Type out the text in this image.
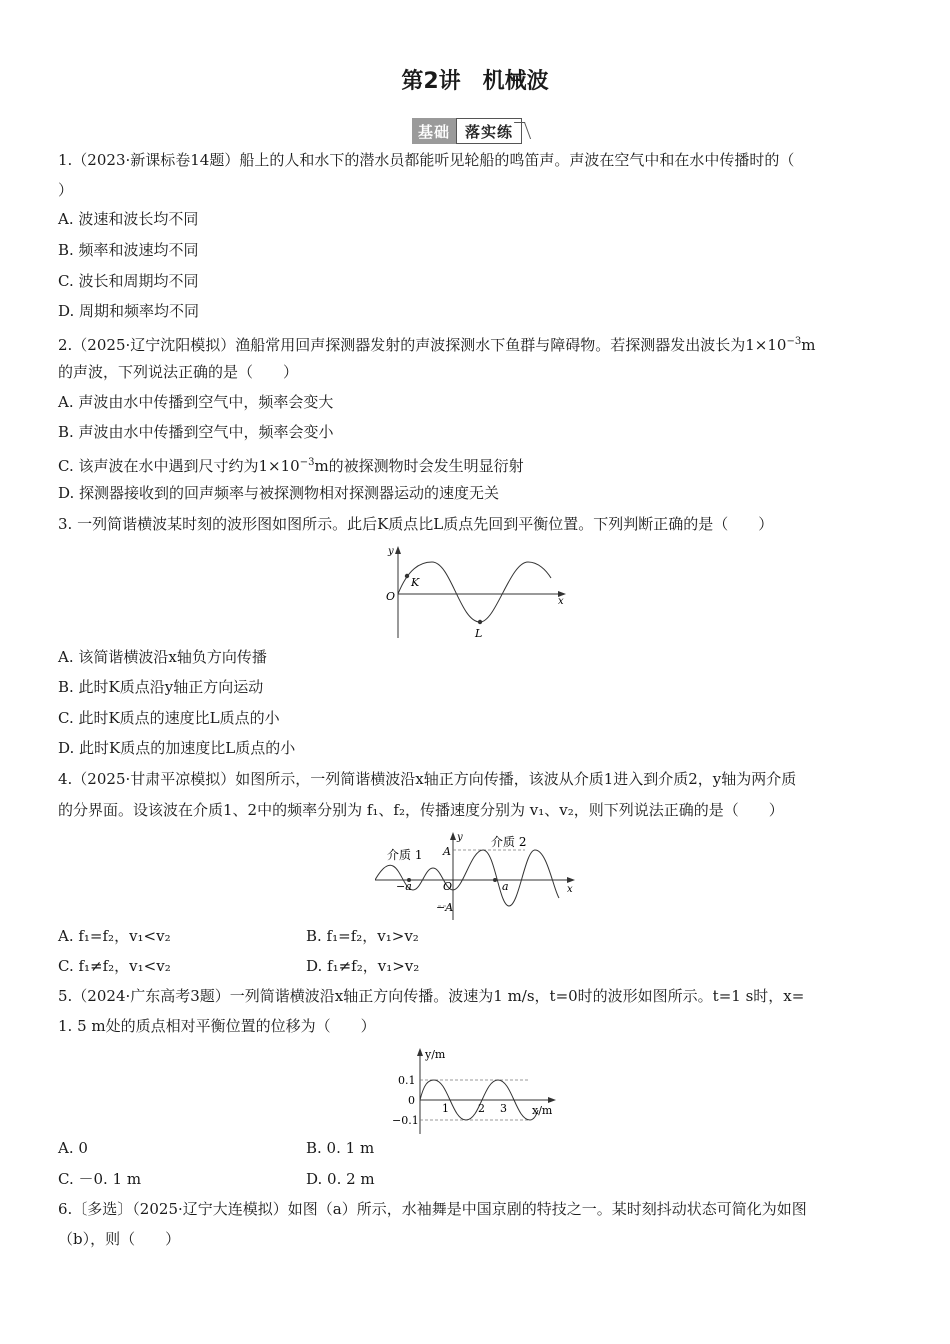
第2讲 机械波
基础	落实练
1.（2023·新课标卷14题）船上的人和水下的潜水员都能听见轮船的鸣笛声。声波在空气中和在水中传播时的（
）
A. 波速和波长均不同
B. 频率和波速均不同
C. 波长和周期均不同
D. 周期和频率均不同
2.（2025·辽宁沈阳模拟）渔船常用回声探测器发射的声波探测水下鱼群与障碍物。若探测器发出波长为$1\times 10^{-3}m$
的声波，下列说法正确的是（　　）
A. 声波由水中传播到空气中，频率会变大
B. 声波由水中传播到空气中，频率会变小
C. 该声波在水中遇到尺寸约为$1\times 10^{-3}m$的被探测物时会发生明显衍射
D. 探测器接收到的回声频率与被探测物相对探测器运动的速度无关
3. 一列简谐横波某时刻的波形图如图所示。此后K质点比L质点先回到平衡位置。下列判断正确的是（　　）
O
y
x
K
L
A. 该简谐横波沿x轴负方向传播
B. 此时K质点沿y轴正方向运动
C. 此时K质点的速度比L质点的小
D. 此时K质点的加速度比L质点的小
4.（2025·甘肃平凉模拟）如图所示，一列简谐横波沿x轴正方向传播，该波从介质1进入到介质2，y轴为两介质
的分界面。设该波在介质1、2中的频率分别为 f₁、f₂，传播速度分别为 v₁、v₂，则下列说法正确的是（　　）
介质 1
介质 2
y
x
O
A
−A
−a	a
A. f₁=f₂，v₁<v₂	B. f₁=f₂，v₁>v₂
C. f₁≠f₂，v₁<v₂	D. f₁≠f₂，v₁>v₂
5.（2024·广东高考3题）一列简谐横波沿x轴正方向传播。波速为1 m/s，t=0时的波形如图所示。t=1 s时，x=
1. 5 m处的质点相对平衡位置的位移为（　　）
y/m
x/m
0.1
0
−0.1
1	2 3
A. 0	B. 0. 1 m
C. －0. 1 m	D. 0. 2 m
6.〔多选〕（2025·辽宁大连模拟）如图（a）所示，水袖舞是中国京剧的特技之一。某时刻抖动状态可简化为如图
（b），则（　　）
